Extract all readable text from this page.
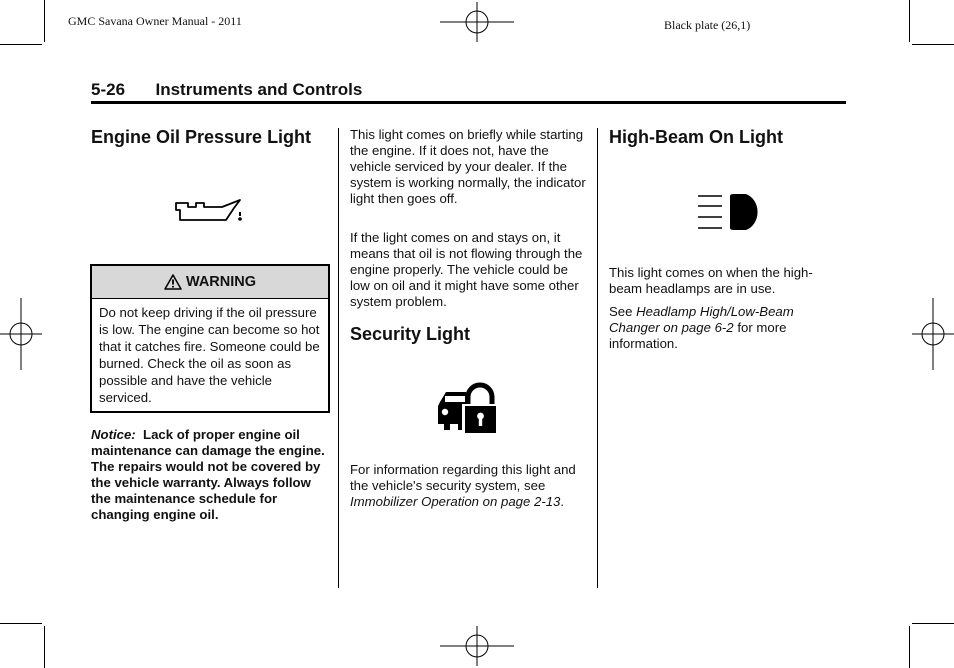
GMC Savana Owner Manual - 2011	Black plate (26,1)
5-26 Instruments and Controls
Engine Oil Pressure Light
WARNING
Do not keep driving if the oil pressure is low. The engine can become so hot that it catches fire. Someone could be burned. Check the oil as soon as possible and have the vehicle serviced.
Notice: Lack of proper engine oil maintenance can damage the engine. The repairs would not be covered by the vehicle warranty. Always follow the maintenance schedule for changing engine oil.

This light comes on briefly while starting the engine. If it does not, have the vehicle serviced by your dealer. If the system is working normally, the indicator light then goes off.

If the light comes on and stays on, it means that oil is not flowing through the engine properly. The vehicle could be low on oil and it might have some other system problem.

Security Light

For information regarding this light and the vehicle's security system, see Immobilizer Operation on page 2-13.

High-Beam On Light

This light comes on when the high-beam headlamps are in use.

See Headlamp High/Low-Beam Changer on page 6-2 for more information.
